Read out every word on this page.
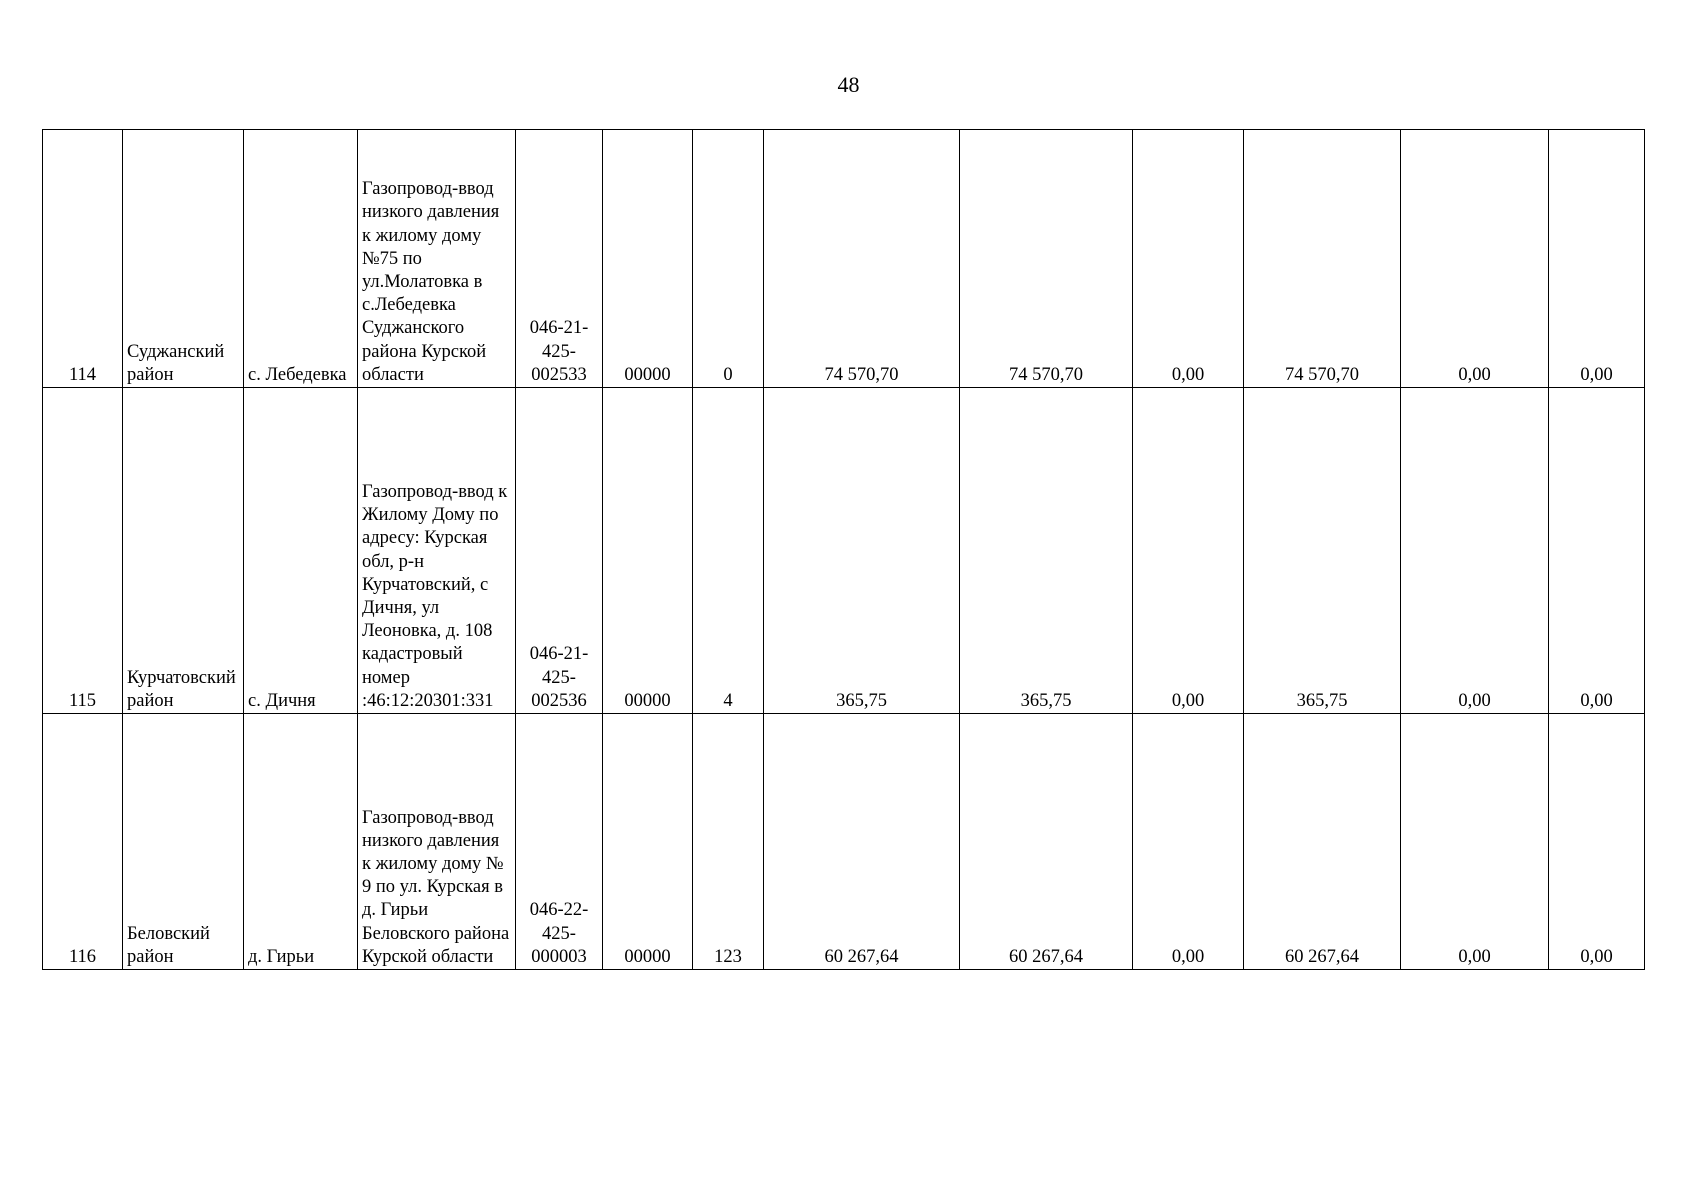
48
114	Суджанский район	с. Лебедевка	Газопровод-ввод низкого давления к жилому дому №75 по ул.Молатовка в с.Лебедевка Суджанского района Курской области	046-21-425-002533	00000	0	74 570,70	74 570,70	0,00	74 570,70	0,00	0,00
115	Курчатовский район	с. Дичня	Газопровод-ввод к Жилому Дому по адресу: Курская обл, р-н Курчатовский, с Дичня, ул Леоновка, д. 108 кадастровый номер :46:12:20301:331	046-21-425-002536	00000	4	365,75	365,75	0,00	365,75	0,00	0,00
116	Беловский район	д. Гирьи	Газопровод-ввод низкого давления к жилому дому № 9 по ул. Курская в д. Гирьи Беловского района Курской области	046-22-425-000003	00000	123	60 267,64	60 267,64	0,00	60 267,64	0,00	0,00
